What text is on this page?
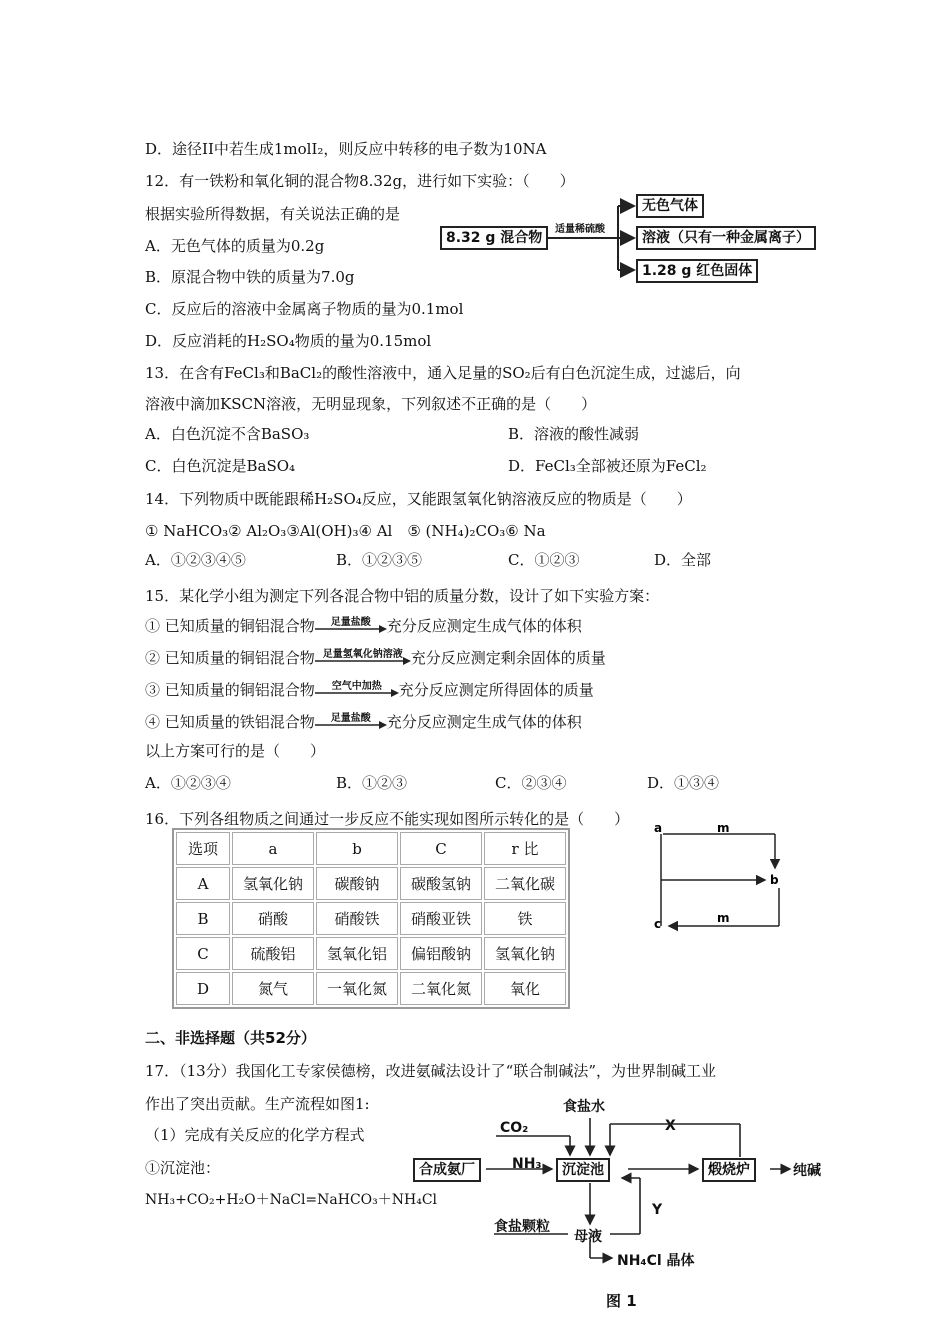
D．途径II中若生成1molI₂，则反应中转移的电子数为10NA
12．有一铁粉和氧化铜的混合物8.32g，进行如下实验：（　　）
根据实验所得数据，有关说法正确的是
A．无色气体的质量为0.2g
B．原混合物中铁的质量为7.0g
C．反应后的溶液中金属离子物质的量为0.1mol
D．反应消耗的H₂SO₄物质的量为0.15mol
8.32 g 混合物
适量稀硫酸
无色气体
溶液（只有一种金属离子）
1.28 g 红色固体
13．在含有FeCl₃和BaCl₂的酸性溶液中，通入足量的SO₂后有白色沉淀生成，过滤后，向
溶液中滴加KSCN溶液，无明显现象，下列叙述不正确的是（　　）
A．白色沉淀不含BaSO₃	B．溶液的酸性减弱
C．白色沉淀是BaSO₄	D．FeCl₃全部被还原为FeCl₂
14．下列物质中既能跟稀H₂SO₄反应，又能跟氢氧化钠溶液反应的物质是（　　）
① NaHCO₃② Al₂O₃③Al(OH)₃④ Al　⑤ (NH₄)₂CO₃⑥ Na
A．①②③④⑤	B．①②③⑤	C．①②③	D．全部
15．某化学小组为测定下列各混合物中铝的质量分数，设计了如下实验方案：
① 已知质量的铜铝混合物	足量盐酸	充分反应测定生成气体的体积
② 已知质量的铜铝混合物 足量氢氧化钠溶液 充分反应测定剩余固体的质量
③ 已知质量的铜铝混合物	空气中加热	充分反应测定所得固体的质量
④ 已知质量的铁铝混合物	足量盐酸	充分反应测定生成气体的体积
以上方案可行的是（　　）
A．①②③④	B．①②③	C．②③④	D．①③④
16．下列各组物质之间通过一步反应不能实现如图所示转化的是（　　）
选项	a	b	C	r 比
A	氢氧化钠	碳酸钠	碳酸氢钠	二氧化碳
B	硝酸	硝酸铁	硝酸亚铁	铁
C	硫酸铝	氢氧化铝	偏铝酸钠	氢氧化钠
D	氮气	一氧化氮	二氧化氮	氧化
a	m
b
m
c
二、非选择题（共52分）
17．（13分）我国化工专家侯德榜，改进氨碱法设计了“联合制碱法”，为世界制碱工业
作出了突出贡献。生产流程如图1:
（1）完成有关反应的化学方程式
①沉淀池：
NH₃+CO₂+H₂O＋NaCl=NaHCO₃＋NH₄Cl
食盐水
CO₂	X
合成氨厂	NH₃	沉淀池	煅烧炉	纯碱
Y
食盐颗粒
母液
NH₄Cl 晶体
图 1
